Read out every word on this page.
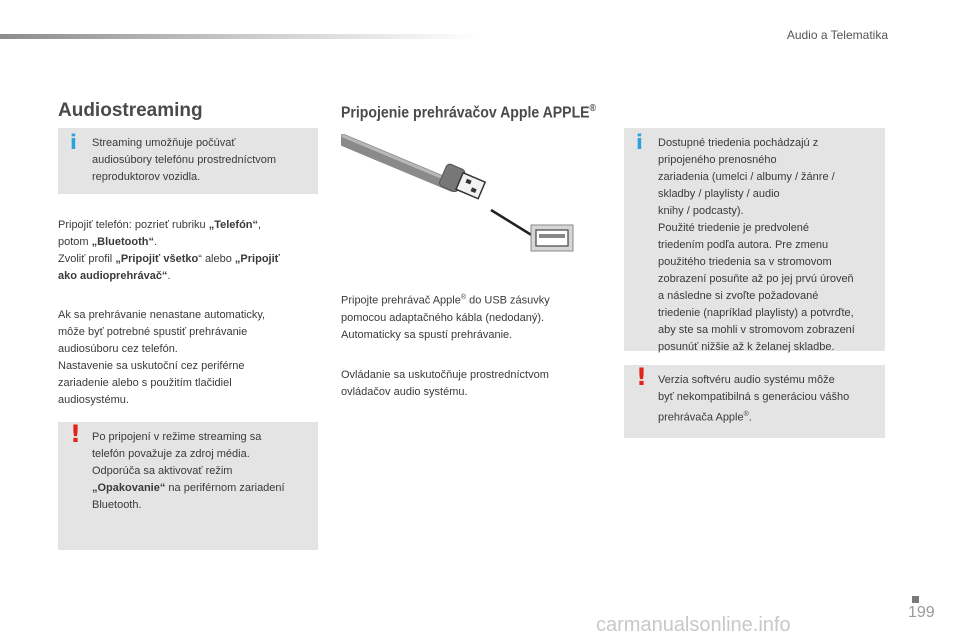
Audio a Telematika
Audiostreaming
i Streaming umožňuje počúvať
audiosúbory telefónu prostredníctvom
reproduktorov vozidla.

Pripojiť telefón: pozrieť rubriku „Telefón“,

potom „Bluetooth“.

Zvoliť profil „Pripojiť všetko“ alebo „Pripojiť

ako audioprehrávač“.

Ak sa prehrávanie nenastane automaticky,

môže byť potrebné spustiť prehrávanie

audiosúboru cez telefón.

Nastavenie sa uskutoční cez periférne

zariadenie alebo s použitím tlačidiel

audiosystému.

! Po pripojení v režime streaming sa
telefón považuje za zdroj média.
Odporúča sa aktivovať režim
„Opakovanie“ na periférnom zariadení
Bluetooth.
Pripojenie prehrávačov Apple APPLE®

Pripojte prehrávač Apple® do USB zásuvky

pomocou adaptačného kábla (nedodaný).

Automaticky sa spustí prehrávanie.

Ovládanie sa uskutočňuje prostredníctvom

ovládačov audio systému.

i Dostupné triedenia pochádzajú z
pripojeného prenosného
zariadenia (umelci / albumy / žánre /
skladby / playlisty / audio
knihy / podcasty).
Použité triedenie je predvolené
triedením podľa autora. Pre zmenu
použitého triedenia sa v stromovom
zobrazení posuňte až po jej prvú úroveň
a následne si zvoľte požadované
triedenie (napríklad playlisty) a potvrďte,
aby ste sa mohli v stromovom zobrazení
posunúť nižšie až k želanej skladbe.
! Verzia softvéru audio systému môže
byť nekompatibilná s generáciou vášho
prehrávača Apple®.
199
carmanualsonline.info
